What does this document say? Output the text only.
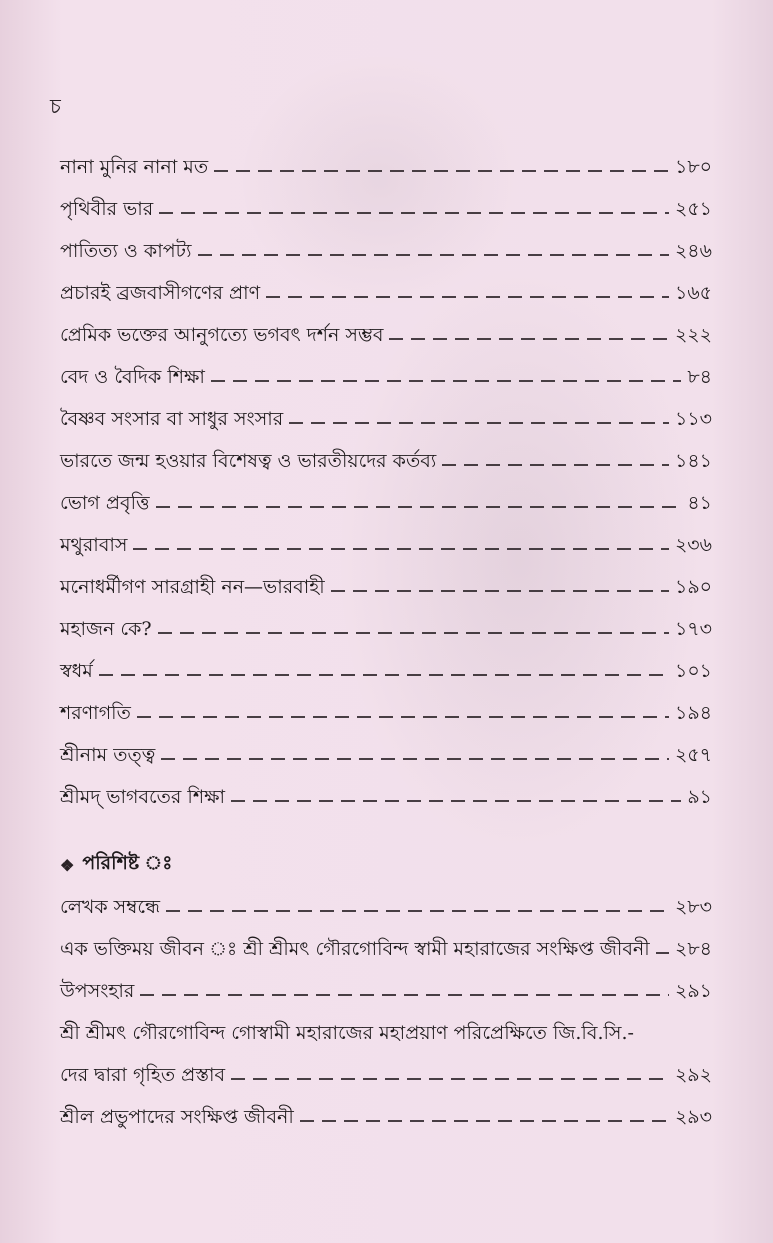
চ
নানা মুনির নানা মত	১৮০
পৃথিবীর ভার	২৫১
পাতিত্য ও কাপট্য	২৪৬
প্রচারই ব্রজবাসীগণের প্রাণ	১৬৫
প্রেমিক ভক্তের আনুগত্যে ভগবৎ দর্শন সম্ভব	২২২
বেদ ও বৈদিক শিক্ষা	৮৪
বৈষ্ণব সংসার বা সাধুর সংসার	১১৩
ভারতে জন্ম হওয়ার বিশেষত্ব ও ভারতীয়দের কর্তব্য	১৪১
ভোগ প্রবৃত্তি	৪১
মথুরাবাস	২৩৬
মনোধর্মীগণ সারগ্রাহী নন—ভারবাহী	১৯০
মহাজন কে?	১৭৩
স্বধর্ম	১০১
শরণাগতি	১৯৪
শ্রীনাম তত্ত্ব	২৫৭
শ্রীমদ্ ভাগবতের শিক্ষা	৯১
❖ পরিশিষ্ট ঃ
লেখক সম্বন্ধে	২৮৩
এক ভক্তিময় জীবন ঃ শ্রী শ্রীমৎ গৌরগোবিন্দ স্বামী মহারাজের সংক্ষিপ্ত জীবনী	২৮৪
উপসংহার	২৯১
শ্রী শ্রীমৎ গৌরগোবিন্দ গোস্বামী মহারাজের মহাপ্রয়াণ পরিপ্রেক্ষিতে জি.বি.সি.-
দের দ্বারা গৃহিত প্রস্তাব	২৯২
শ্রীল প্রভুপাদের সংক্ষিপ্ত জীবনী	২৯৩
